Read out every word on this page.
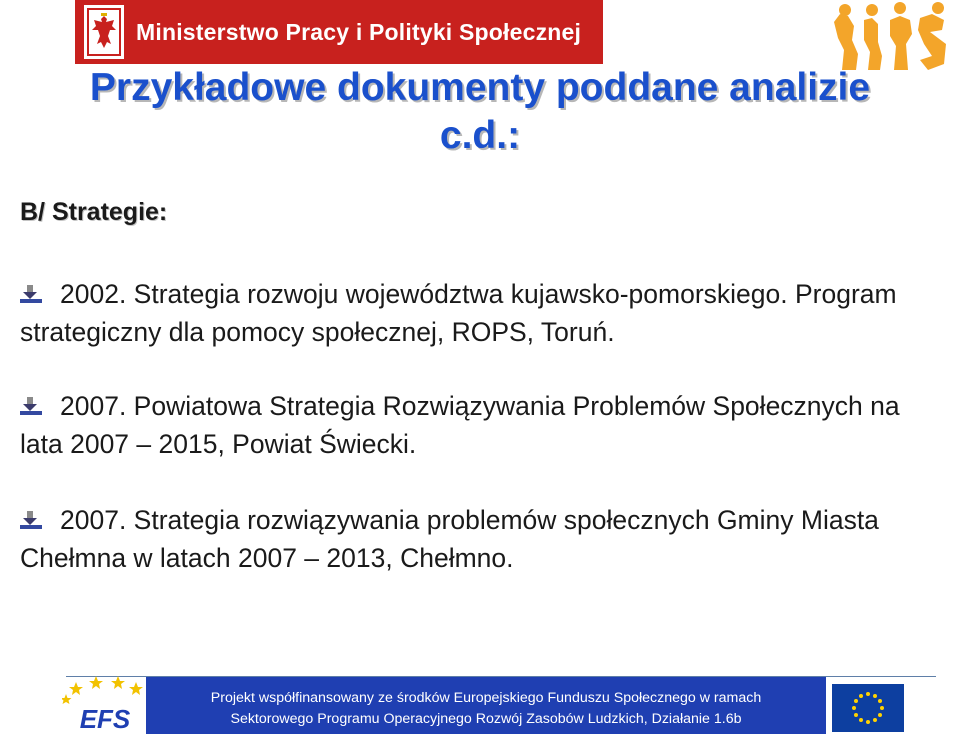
Ministerstwo Pracy i Polityki Społecznej
Przykładowe dokumenty poddane analizie
c.d.:
B/ Strategie:

2002. Strategia rozwoju województwa kujawsko-pomorskiego. Program strategiczny dla pomocy społecznej, ROPS, Toruń.

2007. Powiatowa Strategia Rozwiązywania Problemów Społecznych na lata 2007 – 2015, Powiat Świecki.

2007. Strategia rozwiązywania problemów społecznych Gminy Miasta Chełmna w latach 2007 – 2013, Chełmno.

Projekt współfinansowany ze środków Europejskiego Funduszu Społecznego w ramach
Sektorowego Programu Operacyjnego Rozwój Zasobów Ludzkich, Działanie 1.6b
EFS
